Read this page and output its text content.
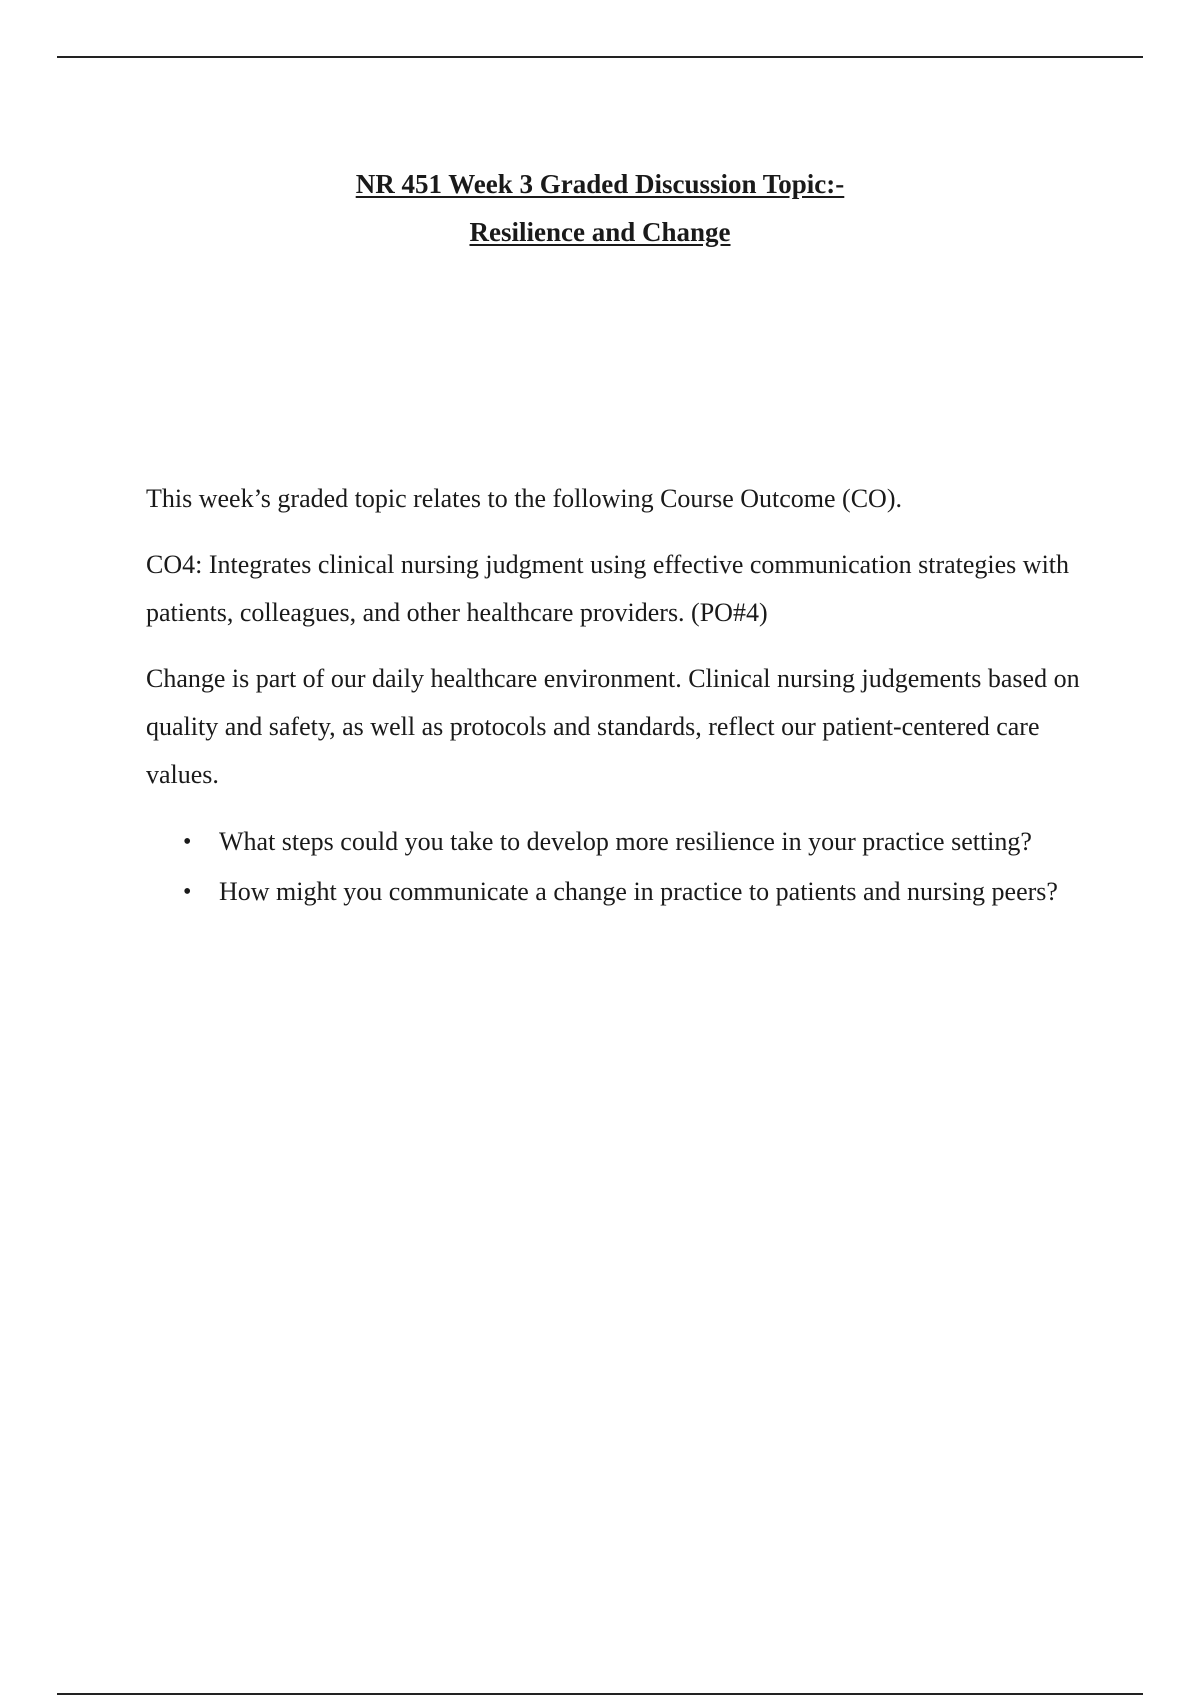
NR 451 Week 3 Graded Discussion Topic:-
Resilience and Change

This week’s graded topic relates to the following Course Outcome (CO).

CO4: Integrates clinical nursing judgment using effective communication strategies with patients, colleagues, and other healthcare providers. (PO#4)

Change is part of our daily healthcare environment. Clinical nursing judgements based on quality and safety, as well as protocols and standards, reflect our patient-centered care values.

• What steps could you take to develop more resilience in your practice setting?
• How might you communicate a change in practice to patients and nursing peers?
